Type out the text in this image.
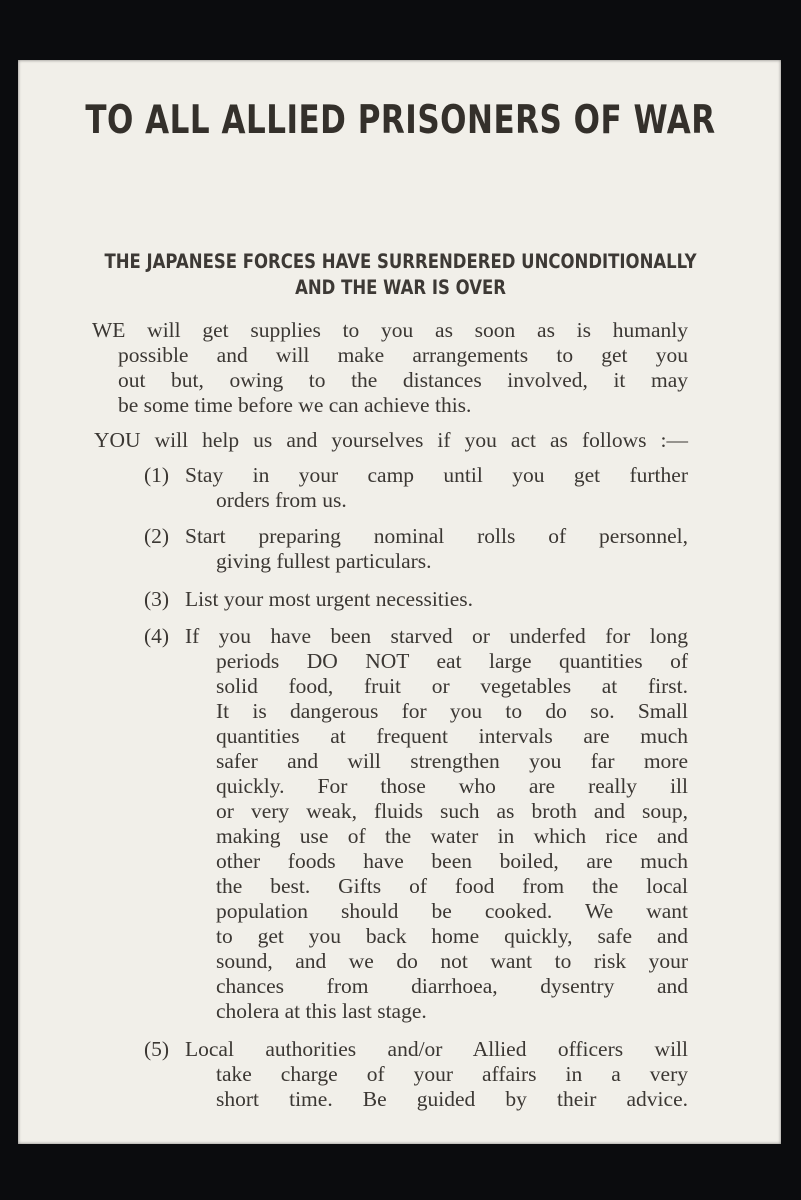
TO ALL ALLIED PRISONERS OF WAR
THE JAPANESE FORCES HAVE SURRENDERED UNCONDITIONALLY
AND THE WAR IS OVER
WE will get supplies to you as soon as is humanly
possible and will make arrangements to get you
out but, owing to the distances involved, it may
be some time before we can achieve this.
YOU will help us and yourselves if you act as follows :—
(1) Stay in your camp until you get further
orders from us.
(2) Start preparing nominal rolls of personnel,
giving fullest particulars.
(3) List your most urgent necessities.
(4) If you have been starved or underfed for long
periods DO NOT eat large quantities of
solid food, fruit or vegetables at first.
It is dangerous for you to do so. Small
quantities at frequent intervals are much
safer and will strengthen you far more
quickly. For those who are really ill
or very weak, fluids such as broth and soup,
making use of the water in which rice and
other foods have been boiled, are much
the best. Gifts of food from the local
population should be cooked. We want
to get you back home quickly, safe and
sound, and we do not want to risk your
chances from diarrhoea, dysentry and
cholera at this last stage.
(5) Local authorities and/or Allied officers will
take charge of your affairs in a very
short time. Be guided by their advice.
